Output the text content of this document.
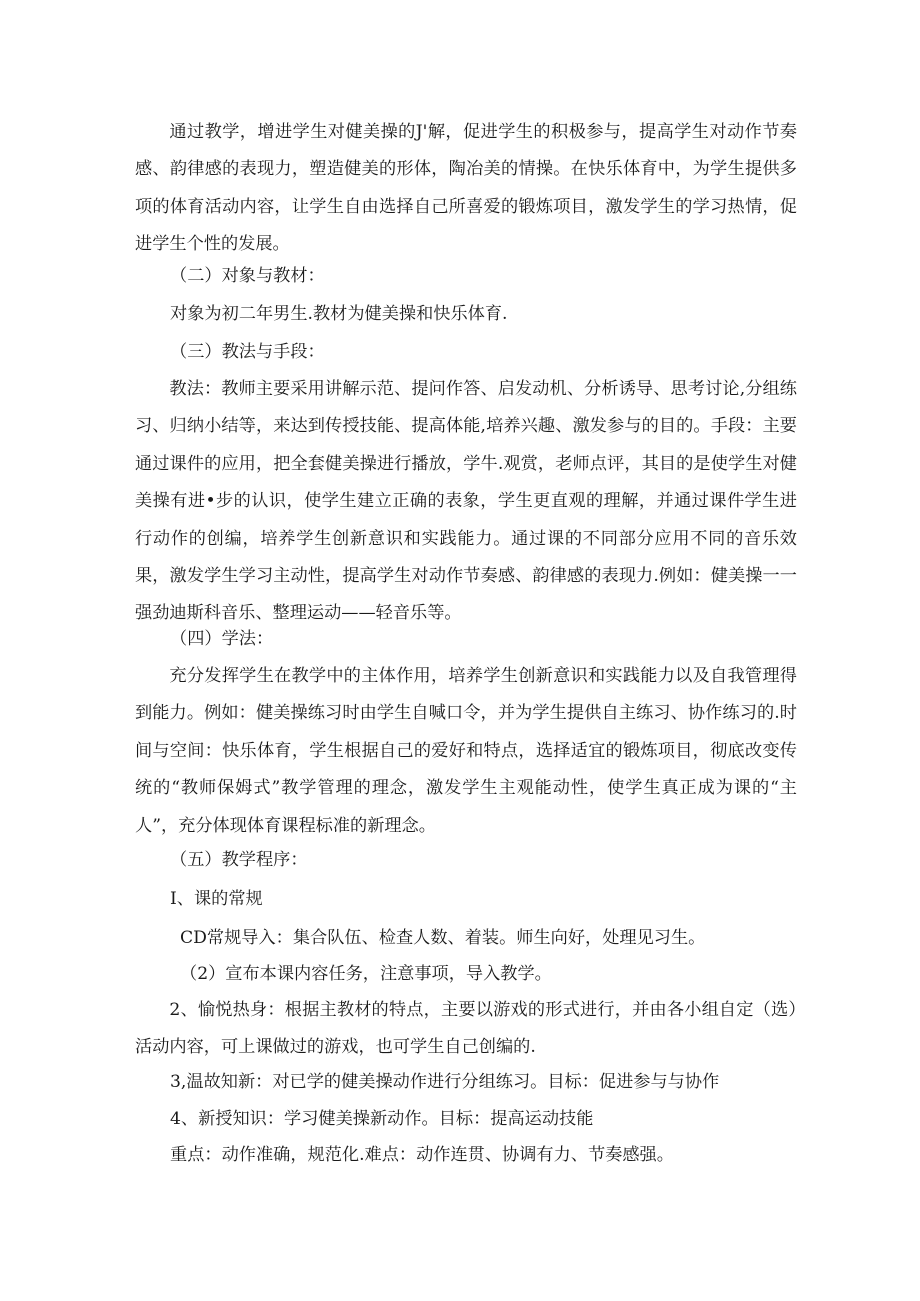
通过教学，增进学生对健美操的J'解，促进学生的积极参与，提高学生对动作节奏感、韵律感的表现力，塑造健美的形体，陶冶美的情操。在快乐体育中，为学生提供多项的体育活动内容，让学生自由选择自己所喜爱的锻炼项目，激发学生的学习热情，促进学生个性的发展。

（二）对象与教材：

对象为初二年男生.教材为健美操和快乐体育.

（三）教法与手段：

教法：教师主要采用讲解示范、提问作答、启发动机、分析诱导、思考讨论,分组练习、归纳小结等，来达到传授技能、提高体能,培养兴趣、激发参与的目的。手段：主要通过课件的应用，把全套健美操进行播放，学牛.观赏，老师点评，其目的是使学生对健美操有进•步的认识，使学生建立正确的表象，学生更直观的理解，并通过课件学生进行动作的创编，培养学生创新意识和实践能力。通过课的不同部分应用不同的音乐效果，激发学生学习主动性，提高学生对动作节奏感、韵律感的表现力.例如：健美操一一强劲迪斯科音乐、整理运动——轻音乐等。

（四）学法：

充分发挥学生在教学中的主体作用，培养学生创新意识和实践能力以及自我管理得到能力。例如：健美操练习时由学生自喊口令，并为学生提供自主练习、协作练习的.时间与空间：快乐体育，学生根据自己的爱好和特点，选择适宜的锻炼项目，彻底改变传统的“教师保姆式”教学管理的理念，激发学生主观能动性，使学生真正成为课的“主人”，充分体现体育课程标准的新理念。

（五）教学程序：

I、课的常规

CD常规导入：集合队伍、检查人数、着装。师生向好，处理见习生。

（2）宣布本课内容任务，注意事项，导入教学。

2、愉悦热身：根据主教材的特点，主要以游戏的形式进行，并由各小组自定（选）活动内容，可上课做过的游戏，也可学生自己创编的.

3,温故知新：对已学的健美操动作进行分组练习。目标：促进参与与协作

4、新授知识：学习健美操新动作。目标：提高运动技能

重点：动作准确，规范化.难点：动作连贯、协调有力、节奏感强。
